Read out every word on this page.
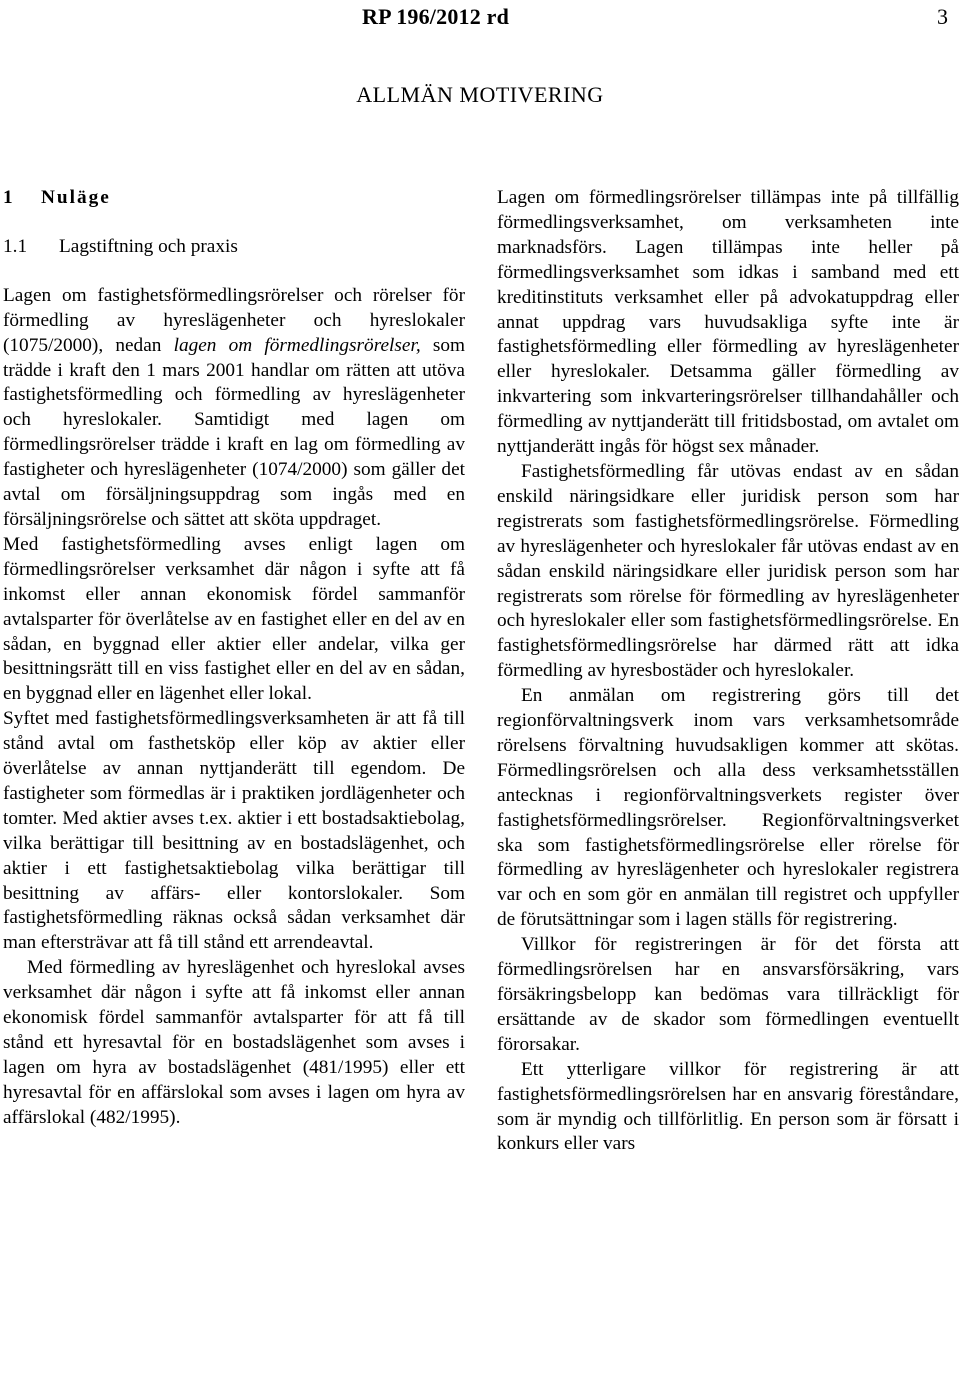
RP 196/2012 rd	3
ALLMÄN MOTIVERING
1 Nuläge
1.1 Lagstiftning och praxis

Lagen om fastighetsförmedlingsrörelser och rörelser för förmedling av hyreslägenheter och hyreslokaler (1075/2000), nedan lagen om förmedlingsrörelser, som trädde i kraft den 1 mars 2001 handlar om rätten att utöva fastighetsförmedling och förmedling av hyreslägenheter och hyreslokaler. Samtidigt med lagen om förmedlingsrörelser trädde i kraft en lag om förmedling av fastigheter och hyreslägenheter (1074/2000) som gäller det avtal om försäljningsuppdrag som ingås med en försäljningsrörelse och sättet att sköta uppdraget.

Med fastighetsförmedling avses enligt lagen om förmedlingsrörelser verksamhet där någon i syfte att få inkomst eller annan ekonomisk fördel sammanför avtalsparter för överlåtelse av en fastighet eller en del av en sådan, en byggnad eller aktier eller andelar, vilka ger besittningsrätt till en viss fastighet eller en del av en sådan, en byggnad eller en lägenhet eller lokal.

Syftet med fastighetsförmedlingsverksamheten är att få till stånd avtal om fasthetsköp eller köp av aktier eller överlåtelse av annan nyttjanderätt till egendom. De fastigheter som förmedlas är i praktiken jordlägenheter och tomter. Med aktier avses t.ex. aktier i ett bostadsaktiebolag, vilka berättigar till besittning av en bostadslägenhet, och aktier i ett fastighetsaktiebolag vilka berättigar till besittning av affärs- eller kontorslokaler. Som fastighetsförmedling räknas också sådan verksamhet där man eftersträvar att få till stånd ett arrendeavtal.

Med förmedling av hyreslägenhet och hyreslokal avses verksamhet där någon i syfte att få inkomst eller annan ekonomisk fördel sammanför avtalsparter för att få till stånd ett hyresavtal för en bostadslägenhet som avses i lagen om hyra av bostadslägenhet (481/1995) eller ett hyresavtal för en affärslokal som avses i lagen om hyra av affärslokal (482/1995).

Lagen om förmedlingsrörelser tillämpas inte på tillfällig förmedlingsverksamhet, om verksamheten inte marknadsförs. Lagen tillämpas inte heller på förmedlingsverksamhet som idkas i samband med ett kreditinstituts verksamhet eller på advokatuppdrag eller annat uppdrag vars huvudsakliga syfte inte är fastighetsförmedling eller förmedling av hyreslägenheter eller hyreslokaler. Detsamma gäller förmedling av inkvartering som inkvarteringsrörelser tillhandahåller och förmedling av nyttjanderätt till fritidsbostad, om avtalet om nyttjanderätt ingås för högst sex månader.

Fastighetsförmedling får utövas endast av en sådan enskild näringsidkare eller juridisk person som har registrerats som fastighetsförmedlingsrörelse. Förmedling av hyreslägenheter och hyreslokaler får utövas endast av en sådan enskild näringsidkare eller juridisk person som har registrerats som rörelse för förmedling av hyreslägenheter och hyreslokaler eller som fastighetsförmedlingsrörelse. En fastighetsförmedlingsrörelse har därmed rätt att idka förmedling av hyresbostäder och hyreslokaler.

En anmälan om registrering görs till det regionförvaltningsverk inom vars verksamhetsområde rörelsens förvaltning huvudsakligen kommer att skötas. Förmedlingsrörelsen och alla dess verksamhetsställen antecknas i regionförvaltningsverkets register över fastighetsförmedlingsrörelser. Regionförvaltningsverket ska som fastighetsförmedlingsrörelse eller rörelse för förmedling av hyreslägenheter och hyreslokaler registrera var och en som gör en anmälan till registret och uppfyller de förutsättningar som i lagen ställs för registrering.

Villkor för registreringen är för det första att förmedlingsrörelsen har en ansvarsförsäkring, vars försäkringsbelopp kan bedömas vara tillräckligt för ersättande av de skador som förmedlingen eventuellt förorsakar.

Ett ytterligare villkor för registrering är att fastighetsförmedlingsrörelsen har en ansvarig föreståndare, som är myndig och tillförlitlig. En person som är försatt i konkurs eller vars
